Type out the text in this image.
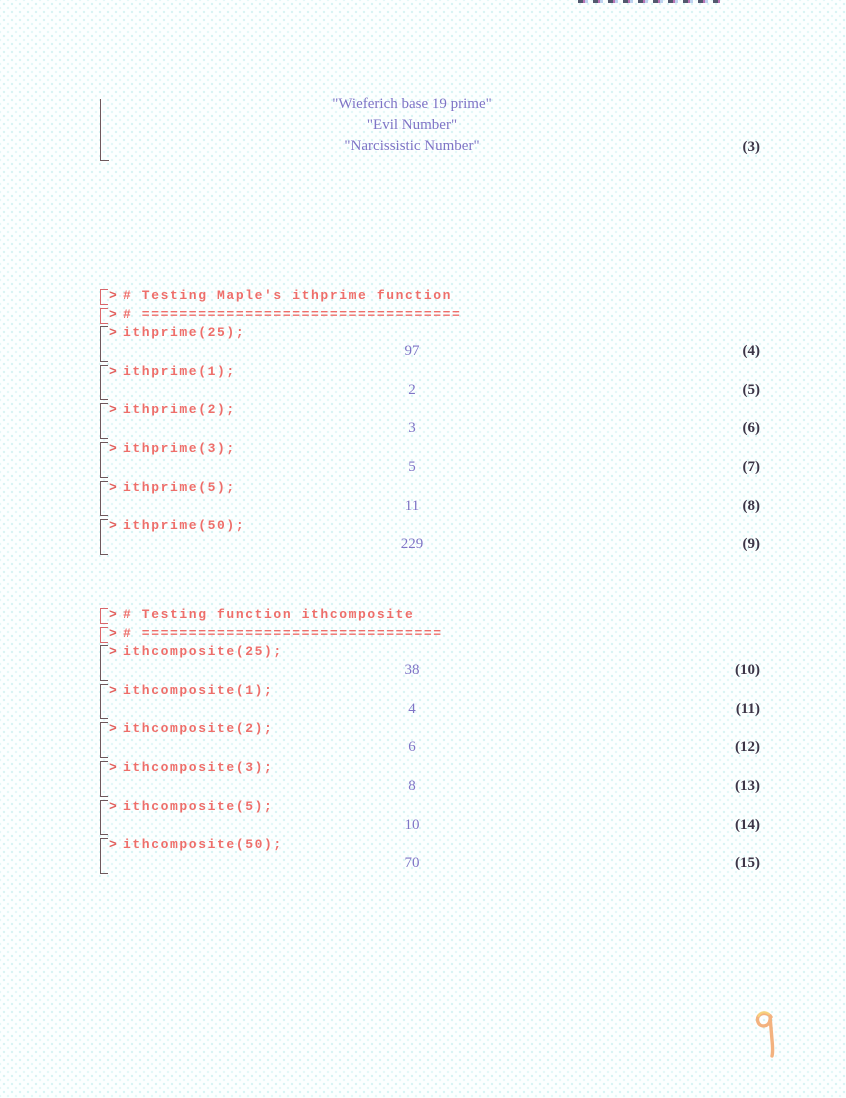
"Wieferich base 19 prime"
"Evil Number"
"Narcissistic Number"	(3)
> # Testing Maple's ithprime function
> # ==================================
> ithprime(25);
97	(4)
> ithprime(1);
2	(5)
> ithprime(2);
3	(6)
> ithprime(3);
5	(7)
> ithprime(5);
11	(8)
> ithprime(50);
229	(9)
> # Testing function ithcomposite
> # ================================
> ithcomposite(25);
38	(10)
> ithcomposite(1);
4	(11)
> ithcomposite(2);
6	(12)
> ithcomposite(3);
8	(13)
> ithcomposite(5);
10	(14)
> ithcomposite(50);
70	(15)
